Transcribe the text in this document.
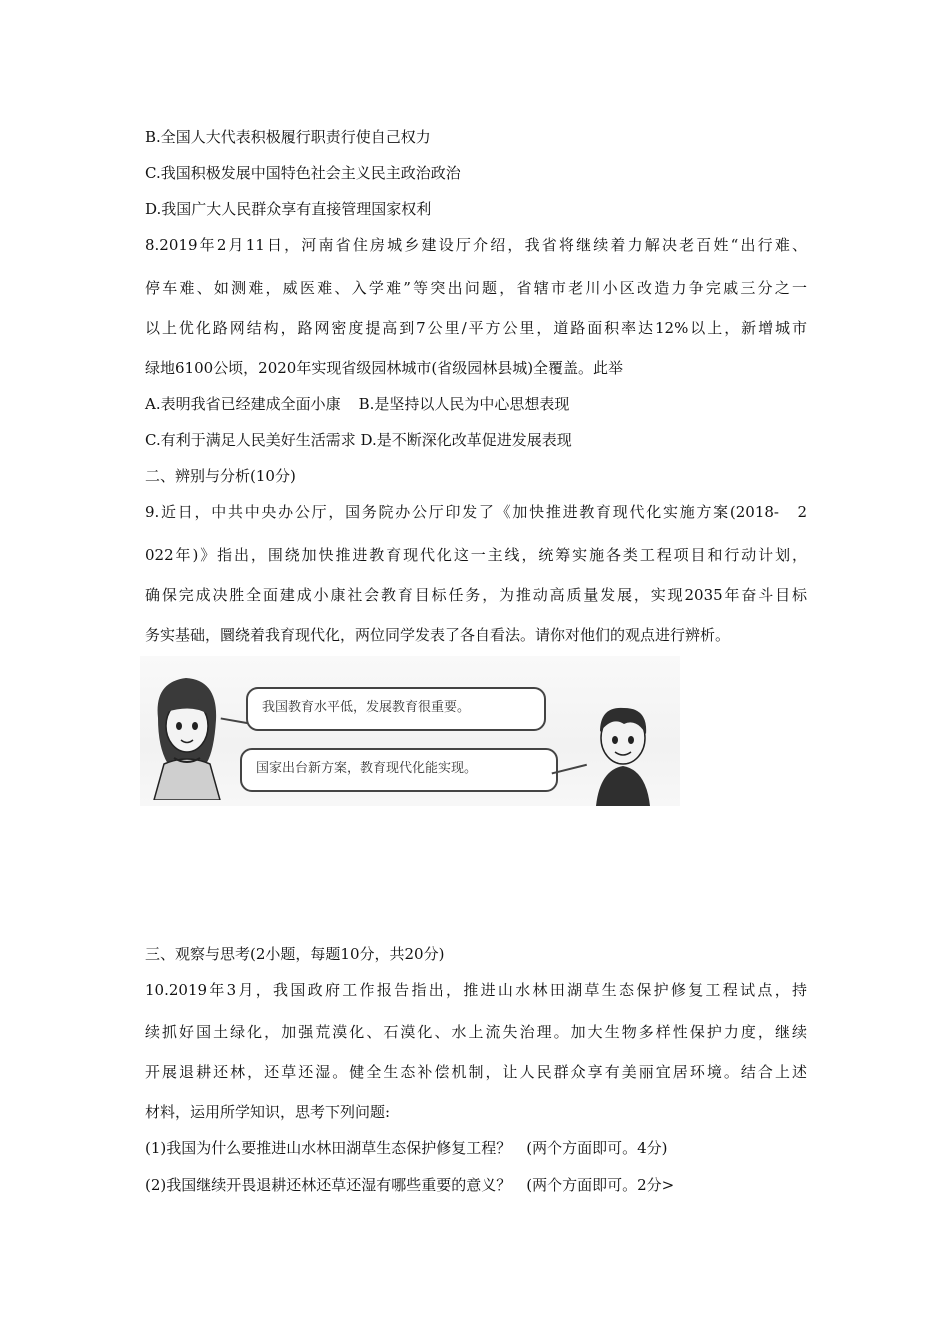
B.全国人大代表积极履行职责行使自己权力
C.我国积极发展中国特色社会主义民主政治政治
D.我国广大人民群众享有直接管理国家权利
8.2019年2月11日，河南省住房城乡建设厅介绍，我省将继续着力解决老百姓“出行难、
停车难、如测难，威医难、入学难”等突出问题，省辖市老川小区改造力争完戚三分之一
以上优化路网结构，路网密度提高到7公里/平方公里，道路面积率达12%以上，新增城市
绿地6100公顷，2020年实现省级园林城市(省级园林县城)全覆盖。此举
A.表明我省已经建成全面小康 B.是坚持以人民为中心思想表现
C.有利于满足人民美好生活需求 D.是不断深化改革促进发展表现
二、辨别与分析(10分)
9.近日，中共中央办公厅，国务院办公厅印发了《加快推进教育现代化实施方案(2018-　2
022年)》指出，围绕加快推进教育现代化这一主线，统筹实施各类工程项目和行动计划，
确保完成决胜全面建成小康社会教育目标任务，为推动高质量发展，实现2035年奋斗目标
务实基础，圜绕着我育现代化，两位同学发表了各自看法。请你对他们的观点进行辨析。
我国教育水平低，发展教育很重要。
国家出台新方案，教育现代化能实现。
三、观察与思考(2小题，每题10分，共20分)
10.2019年3月，我国政府工作报告指出，推进山水林田湖草生态保护修复工程试点，持
续抓好国土绿化，加强荒漠化、石漠化、水上流失治理。加大生物多样性保护力度，继续
开展退耕还林，还草还湿。健全生态补偿机制，让人民群众享有美丽宜居环境。结合上述
材料，运用所学知识，思考下列问题:
(1)我国为什么要推进山水林田湖草生态保护修复工程？　(两个方面即可。4分)
(2)我国继续开畏退耕还林还草还湿有哪些重要的意义？　(两个方面即可。2分>
